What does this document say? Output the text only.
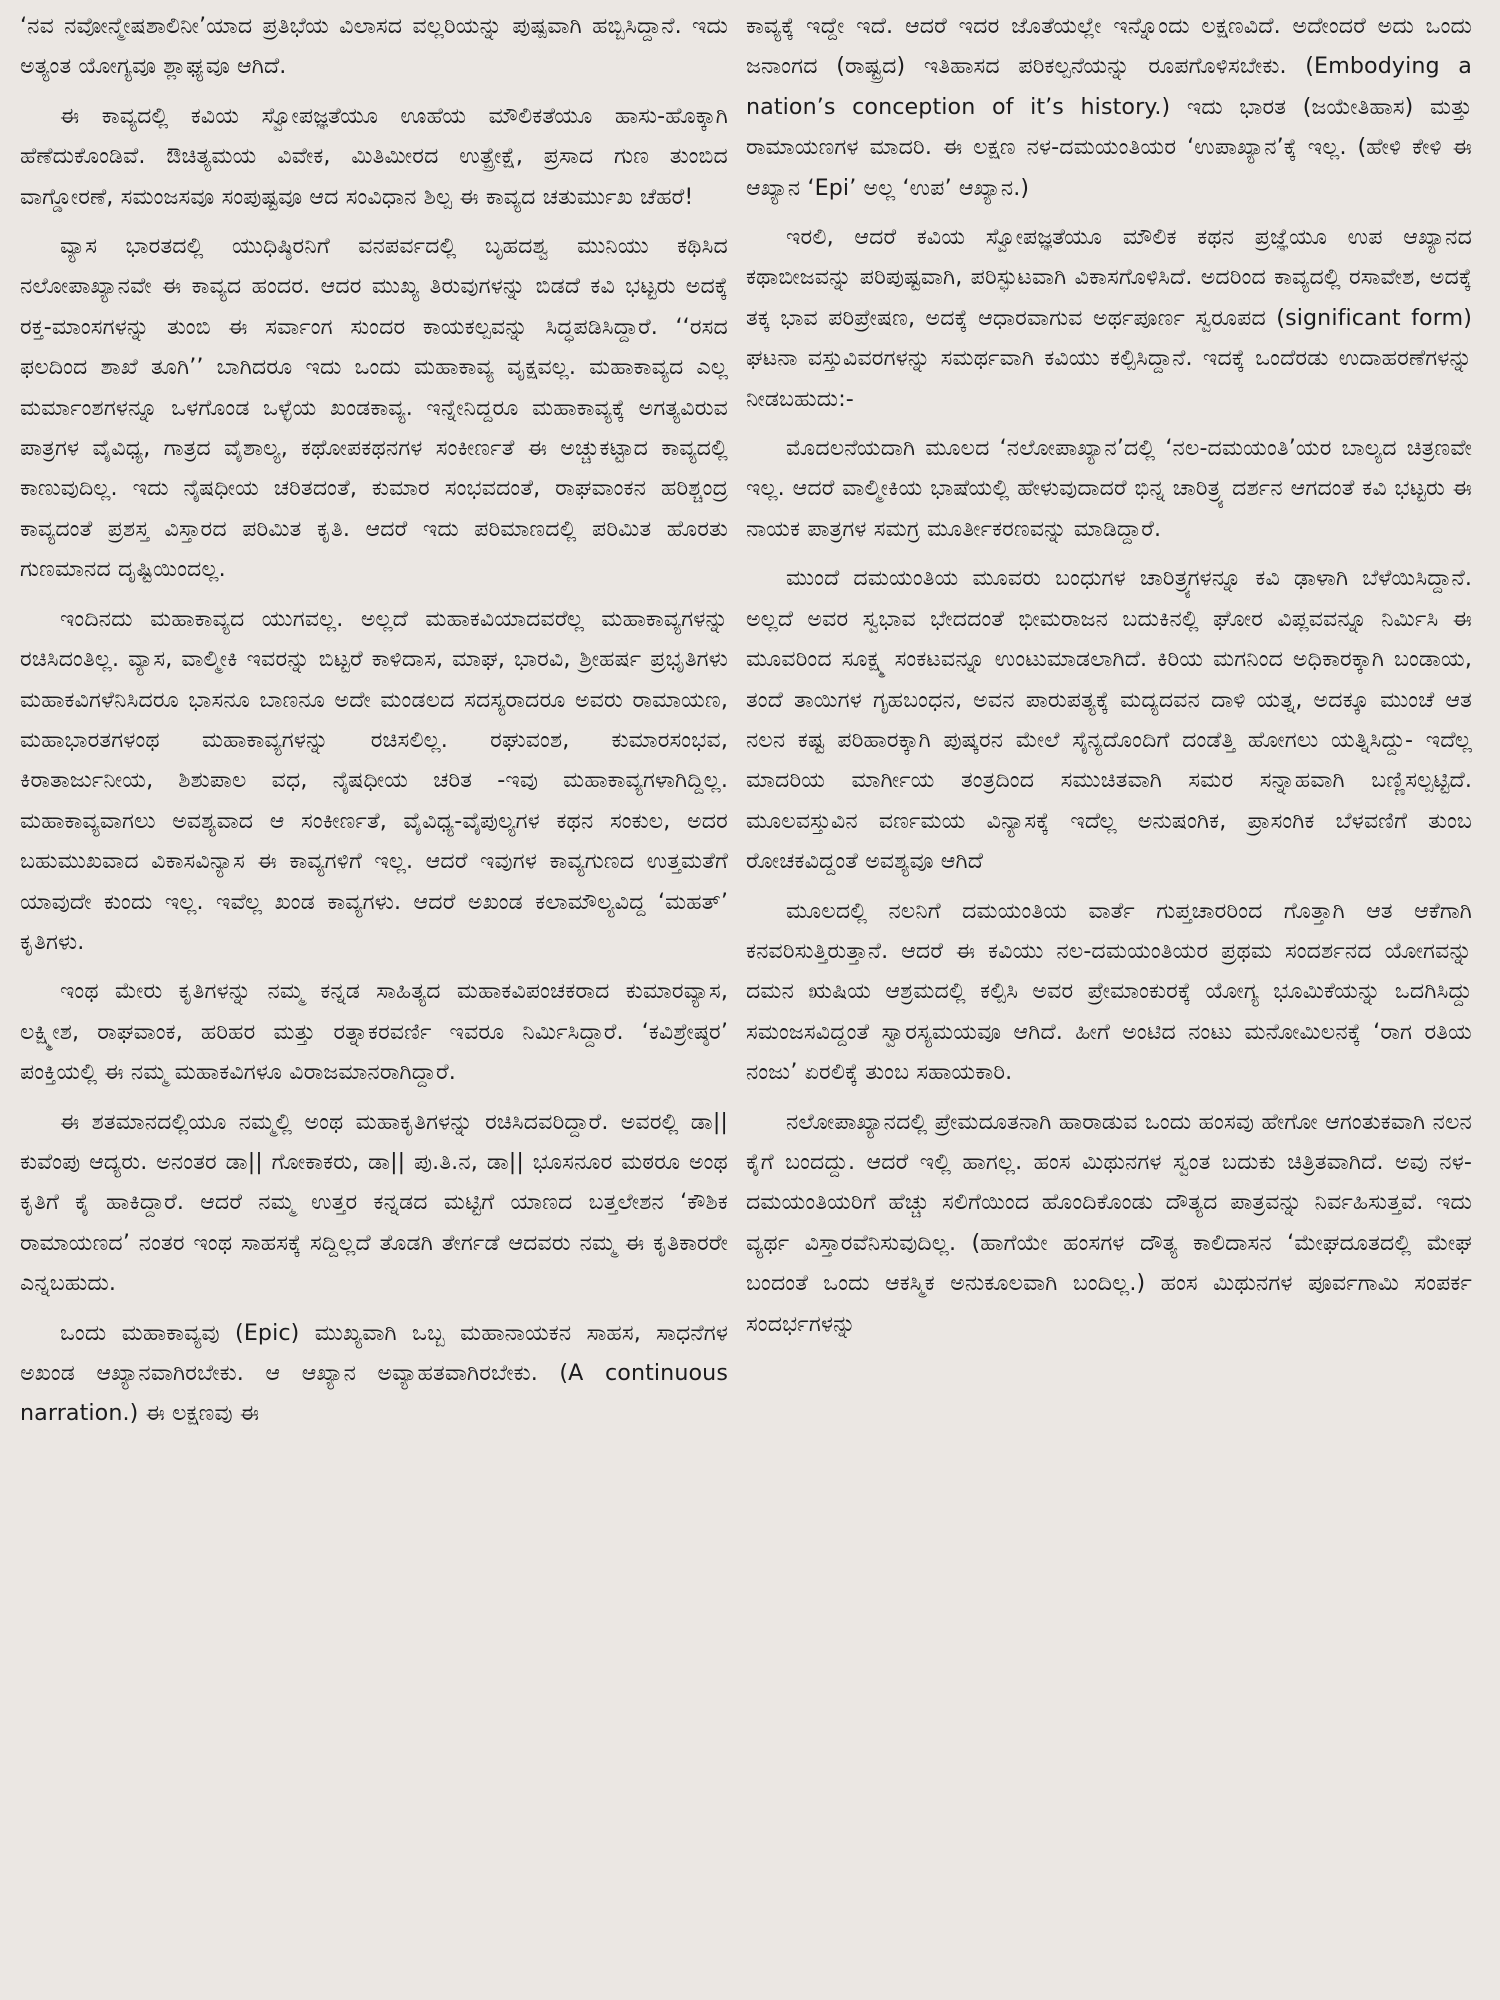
‘ನವ ನವೋನ್ಮೇಷಶಾಲಿನೀ’ಯಾದ ಪ್ರತಿಭೆಯ ವಿಲಾಸದ ವಲ್ಲರಿಯನ್ನು ಪುಷ್ಪವಾಗಿ ಹಬ್ಬಿಸಿದ್ದಾನೆ. ಇದು ಅತ್ಯಂತ ಯೋಗ್ಯವೂ ಶ್ಲಾಘ್ಯವೂ ಆಗಿದೆ.

ಈ ಕಾವ್ಯದಲ್ಲಿ ಕವಿಯ ಸ್ವೋಪಜ್ಞತೆಯೂ ಊಹೆಯ ಮೌಲಿಕತೆಯೂ ಹಾಸು-ಹೊಕ್ಕಾಗಿ ಹೆಣೆದುಕೊಂಡಿವೆ. ಔಚಿತ್ಯಮಯ ವಿವೇಕ, ಮಿತಿಮೀರದ ಉತ್ಪ್ರೇಕ್ಷೆ, ಪ್ರಸಾದ ಗುಣ ತುಂಬಿದ ವಾಗ್ಡೋರಣೆ, ಸಮಂಜಸವೂ ಸಂಪುಷ್ಟವೂ ಆದ ಸಂವಿಧಾನ ಶಿಲ್ಪ ಈ ಕಾವ್ಯದ ಚತುರ್ಮುಖ ಚೆಹರೆ!

ವ್ಯಾಸ ಭಾರತದಲ್ಲಿ ಯುಧಿಷ್ಠಿರನಿಗೆ ವನಪರ್ವದಲ್ಲಿ ಬೃಹದಶ್ವ ಮುನಿಯು ಕಥಿಸಿದ ನಲೋಪಾಖ್ಯಾನವೇ ಈ ಕಾವ್ಯದ ಹಂದರ. ಆದರ ಮುಖ್ಯ ತಿರುವುಗಳನ್ನು ಬಿಡದೆ ಕವಿ ಭಟ್ಟರು ಅದಕ್ಕೆ ರಕ್ತ-ಮಾಂಸಗಳನ್ನು ತುಂಬಿ ಈ ಸರ್ವಾಂಗ ಸುಂದರ ಕಾಯಕಲ್ಪವನ್ನು ಸಿದ್ಧಪಡಿಸಿದ್ದಾರೆ. ‘‘ರಸದ ಫಲದಿಂದ ಶಾಖೆ ತೂಗಿ’’ ಬಾಗಿದರೂ ಇದು ಒಂದು ಮಹಾಕಾವ್ಯ ವೃಕ್ಷವಲ್ಲ. ಮಹಾಕಾವ್ಯದ ಎಲ್ಲ ಮರ್ಮಾಂಶಗಳನ್ನೂ ಒಳಗೊಂಡ ಒಳ್ಳೆಯ ಖಂಡಕಾವ್ಯ. ಇನ್ನೇನಿದ್ದರೂ ಮಹಾಕಾವ್ಯಕ್ಕೆ ಅಗತ್ಯವಿರುವ ಪಾತ್ರಗಳ ವೈವಿಧ್ಯ, ಗಾತ್ರದ ವೈಶಾಲ್ಯ, ಕಥೋಪಕಥನಗಳ ಸಂಕೀರ್ಣತೆ ಈ ಅಚ್ಚುಕಟ್ಟಾದ ಕಾವ್ಯದಲ್ಲಿ ಕಾಣುವುದಿಲ್ಲ. ಇದು ನೈಷಧೀಯ ಚರಿತದಂತೆ, ಕುಮಾರ ಸಂಭವದಂತೆ, ರಾಘವಾಂಕನ ಹರಿಶ್ಚಂದ್ರ ಕಾವ್ಯದಂತೆ ಪ್ರಶಸ್ತ ವಿಸ್ತಾರದ ಪರಿಮಿತ ಕೃತಿ. ಆದರೆ ಇದು ಪರಿಮಾಣದಲ್ಲಿ ಪರಿಮಿತ ಹೊರತು ಗುಣಮಾನದ ದೃಷ್ಟಿಯಿಂದಲ್ಲ.

ಇಂದಿನದು ಮಹಾಕಾವ್ಯದ ಯುಗವಲ್ಲ. ಅಲ್ಲದೆ ಮಹಾಕವಿಯಾದವರೆಲ್ಲ ಮಹಾಕಾವ್ಯಗಳನ್ನು ರಚಿಸಿದಂತಿಲ್ಲ. ವ್ಯಾಸ, ವಾಲ್ಮೀಕಿ ಇವರನ್ನು ಬಿಟ್ಟರೆ ಕಾಳಿದಾಸ, ಮಾಘ, ಭಾರವಿ, ಶ್ರೀಹರ್ಷ ಪ್ರಭೃತಿಗಳು ಮಹಾಕವಿಗಳೆನಿಸಿದರೂ ಭಾಸನೂ ಬಾಣನೂ ಅದೇ ಮಂಡಲದ ಸದಸ್ಯರಾದರೂ ಅವರು ರಾಮಾಯಣ, ಮಹಾಭಾರತಗಳಂಥ ಮಹಾಕಾವ್ಯಗಳನ್ನು ರಚಿಸಲಿಲ್ಲ. ರಘುವಂಶ, ಕುಮಾರಸಂಭವ, ಕಿರಾತಾರ್ಜುನೀಯ, ಶಿಶುಪಾಲ ವಧ, ನೈಷಧೀಯ ಚರಿತ -ಇವು ಮಹಾಕಾವ್ಯಗಳಾಗಿದ್ದಿಲ್ಲ. ಮಹಾಕಾವ್ಯವಾಗಲು ಅವಶ್ಯವಾದ ಆ ಸಂಕೀರ್ಣತೆ, ವೈವಿಧ್ಯ-ವೈಪುಲ್ಯಗಳ ಕಥನ ಸಂಕುಲ, ಅದರ ಬಹುಮುಖವಾದ ವಿಕಾಸವಿನ್ಯಾಸ ಈ ಕಾವ್ಯಗಳಿಗೆ ಇಲ್ಲ. ಆದರೆ ಇವುಗಳ ಕಾವ್ಯಗುಣದ ಉತ್ತಮತೆಗೆ ಯಾವುದೇ ಕುಂದು ಇಲ್ಲ. ಇವೆಲ್ಲ ಖಂಡ ಕಾವ್ಯಗಳು. ಆದರೆ ಅಖಂಡ ಕಲಾಮೌಲ್ಯವಿದ್ದ ‘ಮಹತ್’ ಕೃತಿಗಳು.

ಇಂಥ ಮೇರು ಕೃತಿಗಳನ್ನು ನಮ್ಮ ಕನ್ನಡ ಸಾಹಿತ್ಯದ ಮಹಾಕವಿಪಂಚಕರಾದ ಕುಮಾರವ್ಯಾಸ, ಲಕ್ಷ್ಮೀಶ, ರಾಘವಾಂಕ, ಹರಿಹರ ಮತ್ತು ರತ್ನಾಕರವರ್ಣಿ ಇವರೂ ನಿರ್ಮಿಸಿದ್ದಾರೆ. ‘ಕವಿಶ್ರೇಷ್ಠರ’ ಪಂಕ್ತಿಯಲ್ಲಿ ಈ ನಮ್ಮ ಮಹಾಕವಿಗಳೂ ವಿರಾಜಮಾನರಾಗಿದ್ದಾರೆ.

ಈ ಶತಮಾನದಲ್ಲಿಯೂ ನಮ್ಮಲ್ಲಿ ಅಂಥ ಮಹಾಕೃತಿಗಳನ್ನು ರಚಿಸಿದವರಿದ್ದಾರೆ. ಅವರಲ್ಲಿ ಡಾ|| ಕುವೆಂಪು ಆದ್ಯರು. ಅನಂತರ ಡಾ|| ಗೋಕಾಕರು, ಡಾ|| ಪು.ತಿ.ನ, ಡಾ|| ಭೂಸನೂರ ಮಠರೂ ಅಂಥ ಕೃತಿಗೆ ಕೈ ಹಾಕಿದ್ದಾರೆ. ಆದರೆ ನಮ್ಮ ಉತ್ತರ ಕನ್ನಡದ ಮಟ್ಟಿಗೆ ಯಾಣದ ಬತ್ತಲೇಶನ ‘ಕೌಶಿಕ ರಾಮಾಯಣದ’ ನಂತರ ಇಂಥ ಸಾಹಸಕ್ಕೆ ಸದ್ದಿಲ್ಲದೆ ತೊಡಗಿ ತೇರ್ಗಡೆ ಆದವರು ನಮ್ಮ ಈ ಕೃತಿಕಾರರೇ ಎನ್ನಬಹುದು.

ಒಂದು ಮಹಾಕಾವ್ಯವು (Epic) ಮುಖ್ಯವಾಗಿ ಒಬ್ಬ ಮಹಾನಾಯಕನ ಸಾಹಸ, ಸಾಧನೆಗಳ ಅಖಂಡ ಆಖ್ಯಾನವಾಗಿರಬೇಕು. ಆ ಆಖ್ಯಾನ ಅವ್ಯಾಹತವಾಗಿರಬೇಕು. (A continuous narration.) ಈ ಲಕ್ಷಣವು ಈ

ಕಾವ್ಯಕ್ಕೆ ಇದ್ದೇ ಇದೆ. ಆದರೆ ಇದರ ಜೊತೆಯಲ್ಲೇ ಇನ್ನೊಂದು ಲಕ್ಷಣವಿದೆ. ಅದೇಂದರೆ ಅದು ಒಂದು ಜನಾಂಗದ (ರಾಷ್ಟ್ರದ) ಇತಿಹಾಸದ ಪರಿಕಲ್ಪನೆಯನ್ನು ರೂಪಗೊಳಿಸಬೇಕು. (Embodying a nation’s conception of it’s history.) ಇದು ಭಾರತ (ಜಯೇತಿಹಾಸ) ಮತ್ತು ರಾಮಾಯಣಗಳ ಮಾದರಿ. ಈ ಲಕ್ಷಣ ನಳ-ದಮಯಂತಿಯರ ‘ಉಪಾಖ್ಯಾನ’ಕ್ಕೆ ಇಲ್ಲ. (ಹೇಳಿ ಕೇಳಿ ಈ ಆಖ್ಯಾನ ‘Epi’ ಅಲ್ಲ ‘ಉಪ’ ಆಖ್ಯಾನ.)

ಇರಲಿ, ಆದರೆ ಕವಿಯ ಸ್ವೋಪಜ್ಞತೆಯೂ ಮೌಲಿಕ ಕಥನ ಪ್ರಜ್ಞೆಯೂ ಉಪ ಆಖ್ಯಾನದ ಕಥಾಬೀಜವನ್ನು ಪರಿಪುಷ್ಟವಾಗಿ, ಪರಿಸ್ಫುಟವಾಗಿ ವಿಕಾಸಗೊಳಿಸಿದೆ. ಅದರಿಂದ ಕಾವ್ಯದಲ್ಲಿ ರಸಾವೇಶ, ಅದಕ್ಕೆ ತಕ್ಕ ಭಾವ ಪರಿಪ್ರೇಷಣ, ಅದಕ್ಕೆ ಆಧಾರವಾಗುವ ಅರ್ಥಪೂರ್ಣ ಸ್ವರೂಪದ (significant form) ಘಟನಾ ವಸ್ತುವಿವರಗಳನ್ನು ಸಮರ್ಥವಾಗಿ ಕವಿಯು ಕಲ್ಪಿಸಿದ್ದಾನೆ. ಇದಕ್ಕೆ ಒಂದೆರಡು ಉದಾಹರಣೆಗಳನ್ನು ನೀಡಬಹುದು:-

ಮೊದಲನೆಯದಾಗಿ ಮೂಲದ ‘ನಲೋಪಾಖ್ಯಾನ’ದಲ್ಲಿ ‘ನಲ-ದಮಯಂತಿ’ಯರ ಬಾಲ್ಯದ ಚಿತ್ರಣವೇ ಇಲ್ಲ. ಆದರೆ ವಾಲ್ಮೀಕಿಯ ಭಾಷೆಯಲ್ಲಿ ಹೇಳುವುದಾದರೆ ಭಿನ್ನ ಚಾರಿತ್ರ್ಯ ದರ್ಶನ ಆಗದಂತೆ ಕವಿ ಭಟ್ಟರು ಈ ನಾಯಕ ಪಾತ್ರಗಳ ಸಮಗ್ರ ಮೂರ್ತೀಕರಣವನ್ನು ಮಾಡಿದ್ದಾರೆ.

ಮುಂದೆ ದಮಯಂತಿಯ ಮೂವರು ಬಂಧುಗಳ ಚಾರಿತ್ರ್ಯಗಳನ್ನೂ ಕವಿ ಢಾಳಾಗಿ ಬೆಳೆಯಿಸಿದ್ದಾನೆ. ಅಲ್ಲದೆ ಅವರ ಸ್ವಭಾವ ಭೇದದಂತೆ ಭೀಮರಾಜನ ಬದುಕಿನಲ್ಲಿ ಘೋರ ವಿಪ್ಲವವನ್ನೂ ನಿರ್ಮಿಸಿ ಈ ಮೂವರಿಂದ ಸೂಕ್ಷ್ಮ ಸಂಕಟವನ್ನೂ ಉಂಟುಮಾಡಲಾಗಿದೆ. ಕಿರಿಯ ಮಗನಿಂದ ಅಧಿಕಾರಕ್ಕಾಗಿ ಬಂಡಾಯ, ತಂದೆ ತಾಯಿಗಳ ಗೃಹಬಂಧನ, ಅವನ ಪಾರುಪತ್ಯಕ್ಕೆ ಮದ್ಯದವನ ದಾಳಿ ಯತ್ನ, ಅದಕ್ಕೂ ಮುಂಚೆ ಆತ ನಲನ ಕಷ್ಟ ಪರಿಹಾರಕ್ಕಾಗಿ ಪುಷ್ಕರನ ಮೇಲೆ ಸೈನ್ಯದೊಂದಿಗೆ ದಂಡೆತ್ತಿ ಹೋಗಲು ಯತ್ನಿಸಿದ್ದು- ಇದೆಲ್ಲ ಮಾದರಿಯ ಮಾರ್ಗೀಯ ತಂತ್ರದಿಂದ ಸಮುಚಿತವಾಗಿ ಸಮರ ಸನ್ನಾಹವಾಗಿ ಬಣ್ಣಿಸಲ್ಪಟ್ಟಿದೆ. ಮೂಲವಸ್ತುವಿನ ವರ್ಣಮಯ ವಿನ್ಯಾಸಕ್ಕೆ ಇದೆಲ್ಲ ಅನುಷಂಗಿಕ, ಪ್ರಾಸಂಗಿಕ ಬೆಳವಣಿಗೆ ತುಂಬ ರೋಚಕವಿದ್ದಂತೆ ಅವಶ್ಯವೂ ಆಗಿದೆ

ಮೂಲದಲ್ಲಿ ನಲನಿಗೆ ದಮಯಂತಿಯ ವಾರ್ತೆ ಗುಪ್ತಚಾರರಿಂದ ಗೊತ್ತಾಗಿ ಆತ ಆಕೆಗಾಗಿ ಕನವರಿಸುತ್ತಿರುತ್ತಾನೆ. ಆದರೆ ಈ ಕವಿಯು ನಲ-ದಮಯಂತಿಯರ ಪ್ರಥಮ ಸಂದರ್ಶನದ ಯೋಗವನ್ನು ದಮನ ಋಷಿಯ ಆಶ್ರಮದಲ್ಲಿ ಕಲ್ಪಿಸಿ ಅವರ ಪ್ರೇಮಾಂಕುರಕ್ಕೆ ಯೋಗ್ಯ ಭೂಮಿಕೆಯನ್ನು ಒದಗಿಸಿದ್ದು ಸಮಂಜಸವಿದ್ದಂತೆ ಸ್ವಾರಸ್ಯಮಯವೂ ಆಗಿದೆ. ಹೀಗೆ ಅಂಟಿದ ನಂಟು ಮನೋಮಿಲನಕ್ಕೆ ‘ರಾಗ ರತಿಯ ನಂಜು’ ಏರಲಿಕ್ಕೆ ತುಂಬ ಸಹಾಯಕಾರಿ.

ನಲೋಪಾಖ್ಯಾನದಲ್ಲಿ ಪ್ರೇಮದೂತನಾಗಿ ಹಾರಾಡುವ ಒಂದು ಹಂಸವು ಹೇಗೋ ಆಗಂತುಕವಾಗಿ ನಲನ ಕೈಗೆ ಬಂದದ್ದು. ಆದರೆ ಇಲ್ಲಿ ಹಾಗಲ್ಲ. ಹಂಸ ಮಿಥುನಗಳ ಸ್ವಂತ ಬದುಕು ಚಿತ್ರಿತವಾಗಿದೆ. ಅವು ನಳ-ದಮಯಂತಿಯರಿಗೆ ಹೆಚ್ಚು ಸಲಿಗೆಯಿಂದ ಹೊಂದಿಕೊಂಡು ದೌತ್ಯದ ಪಾತ್ರವನ್ನು ನಿರ್ವಹಿಸುತ್ತವೆ. ಇದು ವ್ಯರ್ಥ ವಿಸ್ತಾರವೆನಿಸುವುದಿಲ್ಲ. (ಹಾಗೆಯೇ ಹಂಸಗಳ ದೌತ್ಯ ಕಾಲಿದಾಸನ ‘ಮೇಘದೂತದಲ್ಲಿ ಮೇಘ ಬಂದಂತೆ ಒಂದು ಆಕಸ್ಮಿಕ ಅನುಕೂಲವಾಗಿ ಬಂದಿಲ್ಲ.) ಹಂಸ ಮಿಥುನಗಳ ಪೂರ್ವಗಾಮಿ ಸಂಪರ್ಕ ಸಂದರ್ಭಗಳನ್ನು
